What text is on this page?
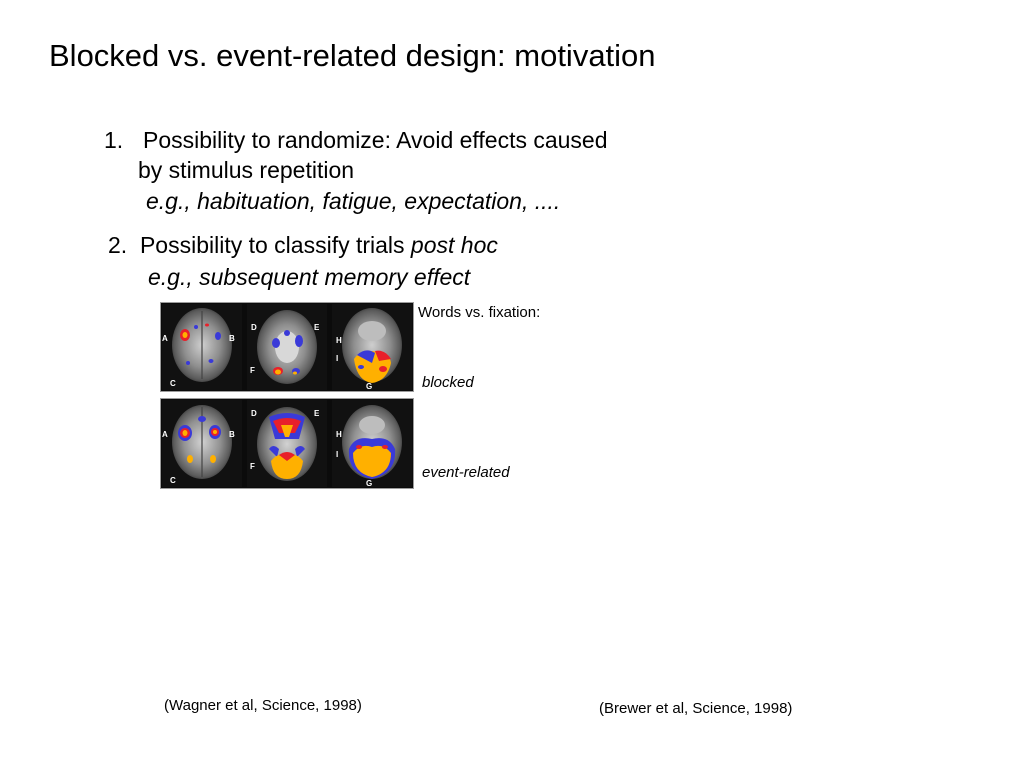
Blocked vs. event-related design: motivation
1. Possibility to randomize: Avoid effects caused
by stimulus repetition
e.g., habituation, fatigue, expectation, ....
2.  Possibility to classify trials post hoc
e.g., subsequent memory effect
A	B
C
D	E
F
G
H
I
A	B
C
D	E
F
G
H
I
Words vs. fixation:
blocked
event-related
(Wagner et al, Science, 1998)	(Brewer et al, Science, 1998)
